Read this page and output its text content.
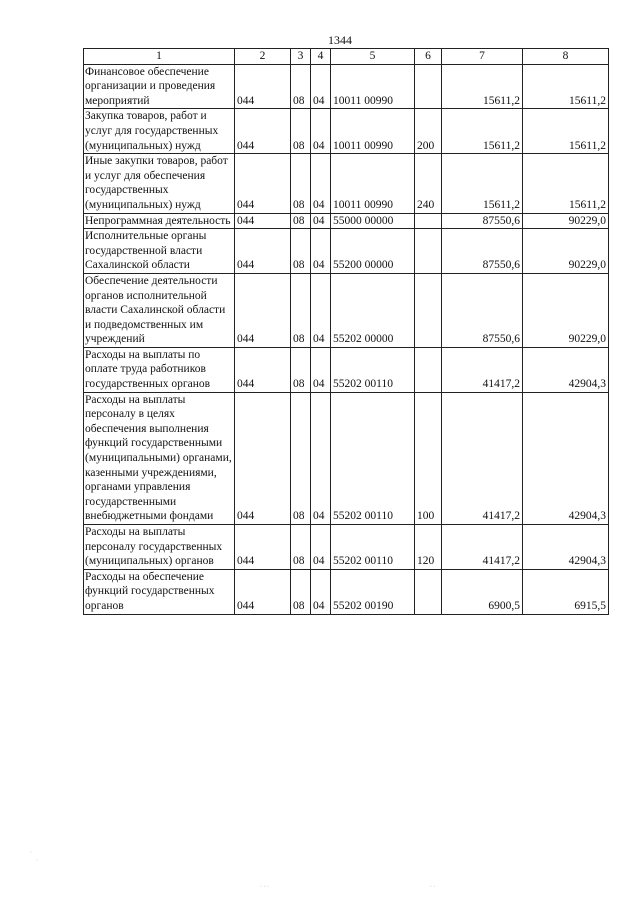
1344
1	2	3	4	5	6	7	8
Финансовое обеспечение организации и проведения мероприятий	044	08	04	10011 00990		15611,2	15611,2
Закупка товаров, работ и услуг для государственных (муниципальных) нужд	044	08	04	10011 00990	200	15611,2	15611,2
Иные закупки товаров, работ и услуг для обеспечения государственных (муниципальных) нужд	044	08	04	10011 00990	240	15611,2	15611,2
Непрограммная деятельность	044	08	04	55000 00000		87550,6	90229,0
Исполнительные органы государственной власти Сахалинской области	044	08	04	55200 00000		87550,6	90229,0
Обеспечение деятельности органов исполнительной власти Сахалинской области и подведомственных им учреждений	044	08	04	55202 00000		87550,6	90229,0
Расходы на выплаты по оплате труда работников государственных органов	044	08	04	55202 00110		41417,2	42904,3
Расходы на выплаты персоналу в целях обеспечения выполнения функций государственными (муниципальными) органами, казенными учреждениями, органами управления государственными внебюджетными фондами	044	08	04	55202 00110	100	41417,2	42904,3
Расходы на выплаты персоналу государственных (муниципальных) органов	044	08	04	55202 00110	120	41417,2	42904,3
Расходы на обеспечение функций государственных органов	044	08	04	55202 00190		6900,5	6915,5
·
·
· · ·	· ·
